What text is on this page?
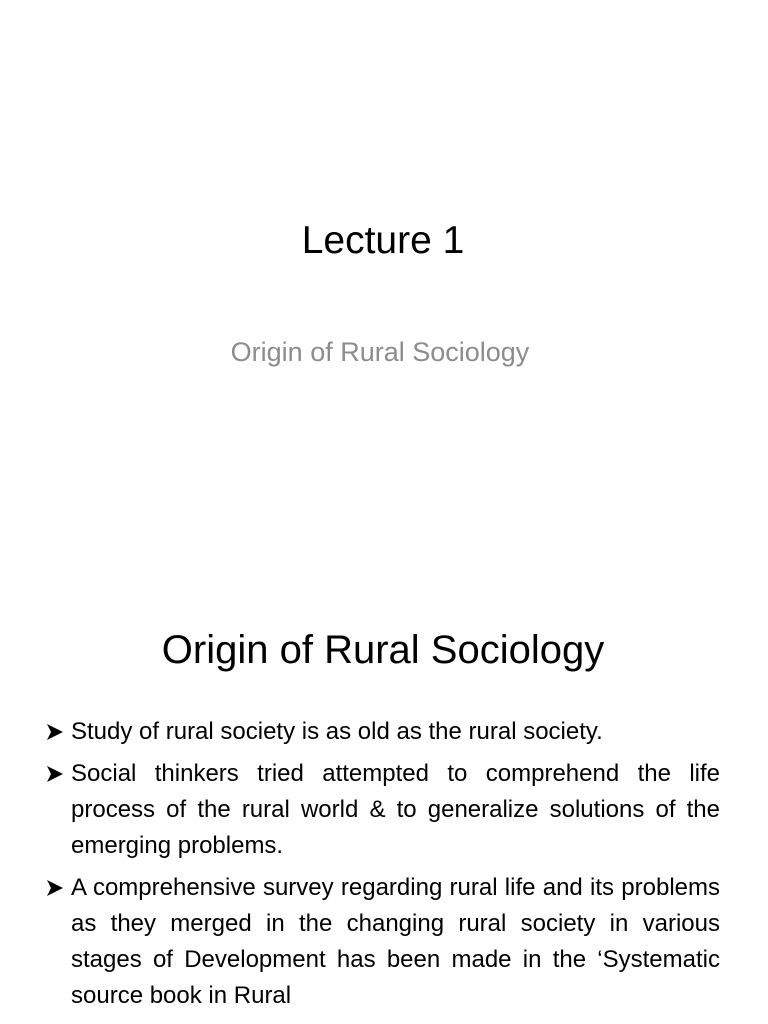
Lecture 1
Origin of Rural Sociology
Origin of Rural Sociology
Study of rural society is as old as the rural society.
Social thinkers tried attempted to comprehend the life process of the rural world & to generalize solutions of the emerging problems.
A comprehensive survey regarding rural life and its problems as they merged in the changing rural society in various stages of Development has been made in the ‘Systematic source book in Rural
